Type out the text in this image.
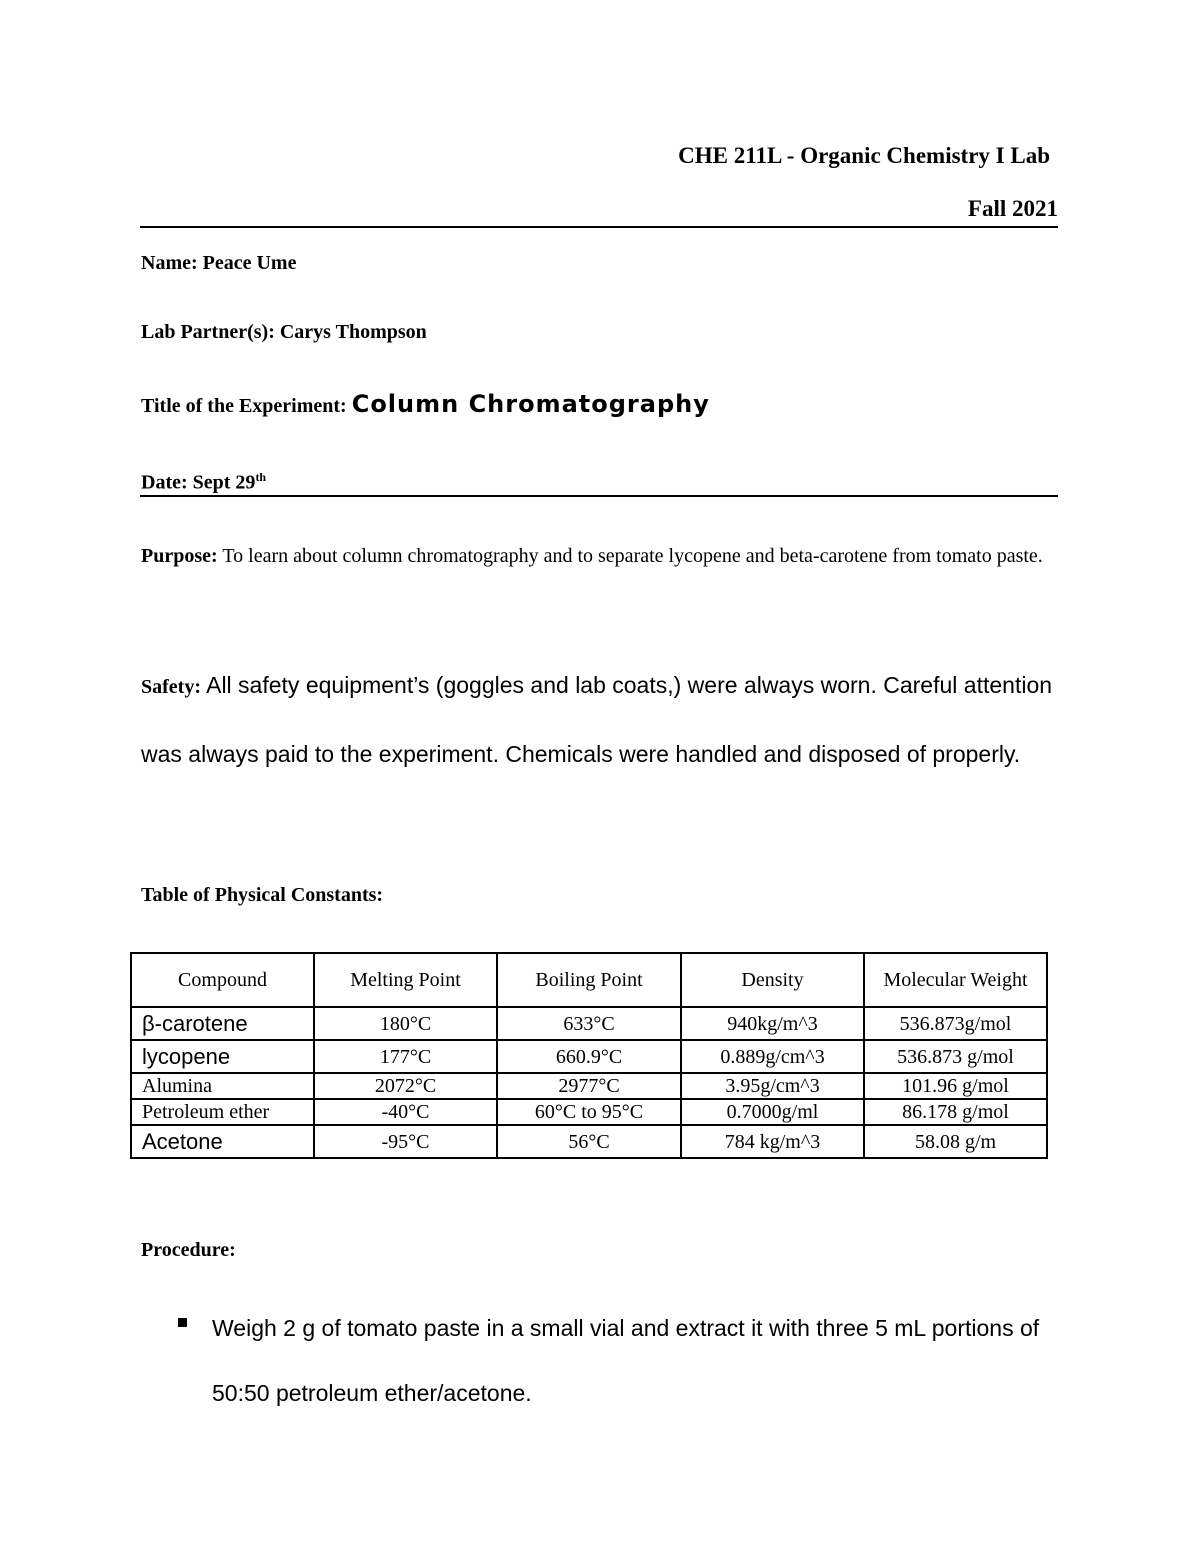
CHE 211L - Organic Chemistry I Lab
Fall 2021
Name: Peace Ume
Lab Partner(s): Carys Thompson
Title of the Experiment: Column Chromatography
Date: Sept 29th
Purpose: To learn about column chromatography and to separate lycopene and beta-carotene from tomato paste.
Safety: All safety equipment’s (goggles and lab coats,) were always worn. Careful attention was always paid to the experiment. Chemicals were handled and disposed of properly.
Table of Physical Constants:
Compound	Melting Point	Boiling Point	Density	Molecular Weight
β-carotene	180°C	633°C	940kg/m^3	536.873g/mol
lycopene	177°C	660.9°C	0.889g/cm^3	536.873 g/mol
Alumina	2072°C	2977°C	3.95g/cm^3	101.96 g/mol
Petroleum ether	-40°C	60°C to 95°C	0.7000g/ml	86.178 g/mol
Acetone	-95°C	56°C	784 kg/m^3	58.08 g/m
Procedure:
Weigh 2 g of tomato paste in a small vial and extract it with three 5 mL portions of 50:50 petroleum ether/acetone.
